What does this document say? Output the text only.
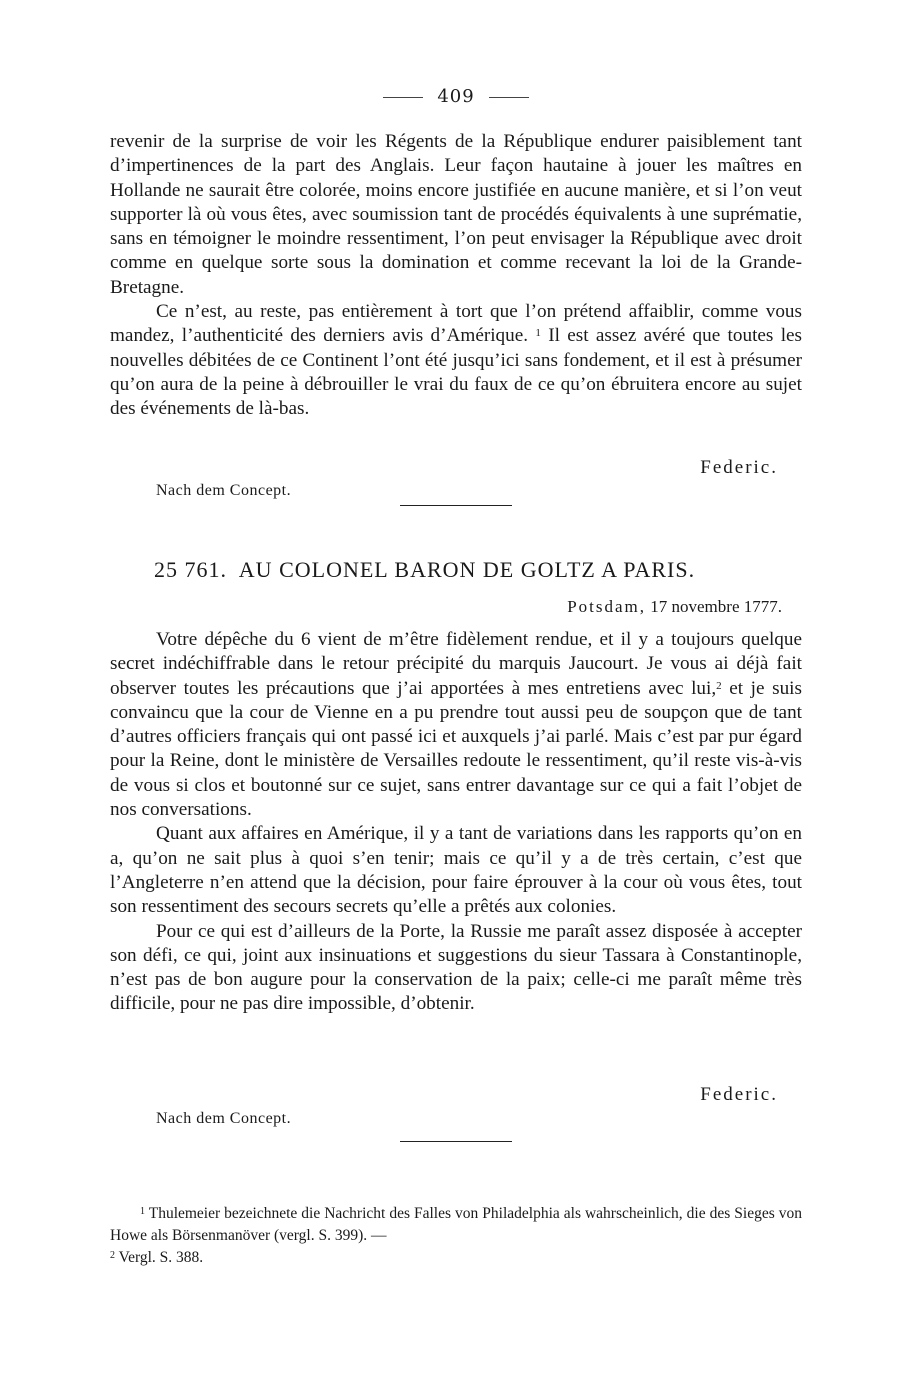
409

revenir de la surprise de voir les Régents de la République endurer paisiblement tant d’impertinences de la part des Anglais. Leur façon hautaine à jouer les maîtres en Hollande ne saurait être colorée, moins encore justifiée en aucune manière, et si l’on veut supporter là où vous êtes, avec soumission tant de procédés équivalents à une suprématie, sans en témoigner le moindre ressentiment, l’on peut envisager la République avec droit comme en quelque sorte sous la domination et comme recevant la loi de la Grande-Bretagne.

Ce n’est, au reste, pas entièrement à tort que l’on prétend affaiblir, comme vous mandez, l’authenticité des derniers avis d’Amérique. $^1$ Il est assez avéré que toutes les nouvelles débitées de ce Continent l’ont été jusqu’ici sans fondement, et il est à présumer qu’on aura de la peine à débrouiller le vrai du faux de ce qu’on ébruitera encore au sujet des événements de là-bas.

Federic.
Nach dem Concept.
25 761. AU COLONEL BARON DE GOLTZ A PARIS.
Potsdam, 17 novembre 1777.

Votre dépêche du 6 vient de m’être fidèlement rendue, et il y a toujours quelque secret indéchiffrable dans le retour précipité du marquis Jaucourt. Je vous ai déjà fait observer toutes les précautions que j’ai apportées à mes entretiens avec lui,$^2$ et je suis convaincu que la cour de Vienne en a pu prendre tout aussi peu de soupçon que de tant d’autres officiers français qui ont passé ici et auxquels j’ai parlé. Mais c’est par pur égard pour la Reine, dont le ministère de Versailles redoute le ressentiment, qu’il reste vis-à-vis de vous si clos et boutonné sur ce sujet, sans entrer davantage sur ce qui a fait l’objet de nos conversations.

Quant aux affaires en Amérique, il y a tant de variations dans les rapports qu’on en a, qu’on ne sait plus à quoi s’en tenir; mais ce qu’il y a de très certain, c’est que l’Angleterre n’en attend que la décision, pour faire éprouver à la cour où vous êtes, tout son ressentiment des secours secrets qu’elle a prêtés aux colonies.

Pour ce qui est d’ailleurs de la Porte, la Russie me paraît assez disposée à accepter son défi, ce qui, joint aux insinuations et suggestions du sieur Tassara à Constantinople, n’est pas de bon augure pour la conservation de la paix; celle-ci me paraît même très difficile, pour ne pas dire impossible, d’obtenir.

Federic.
Nach dem Concept.

$^1$ Thulemeier bezeichnete die Nachricht des Falles von Philadelphia als wahrscheinlich, die des Sieges von Howe als Börsenmanöver (vergl. S. 399). —

$^2$ Vergl. S. 388.
